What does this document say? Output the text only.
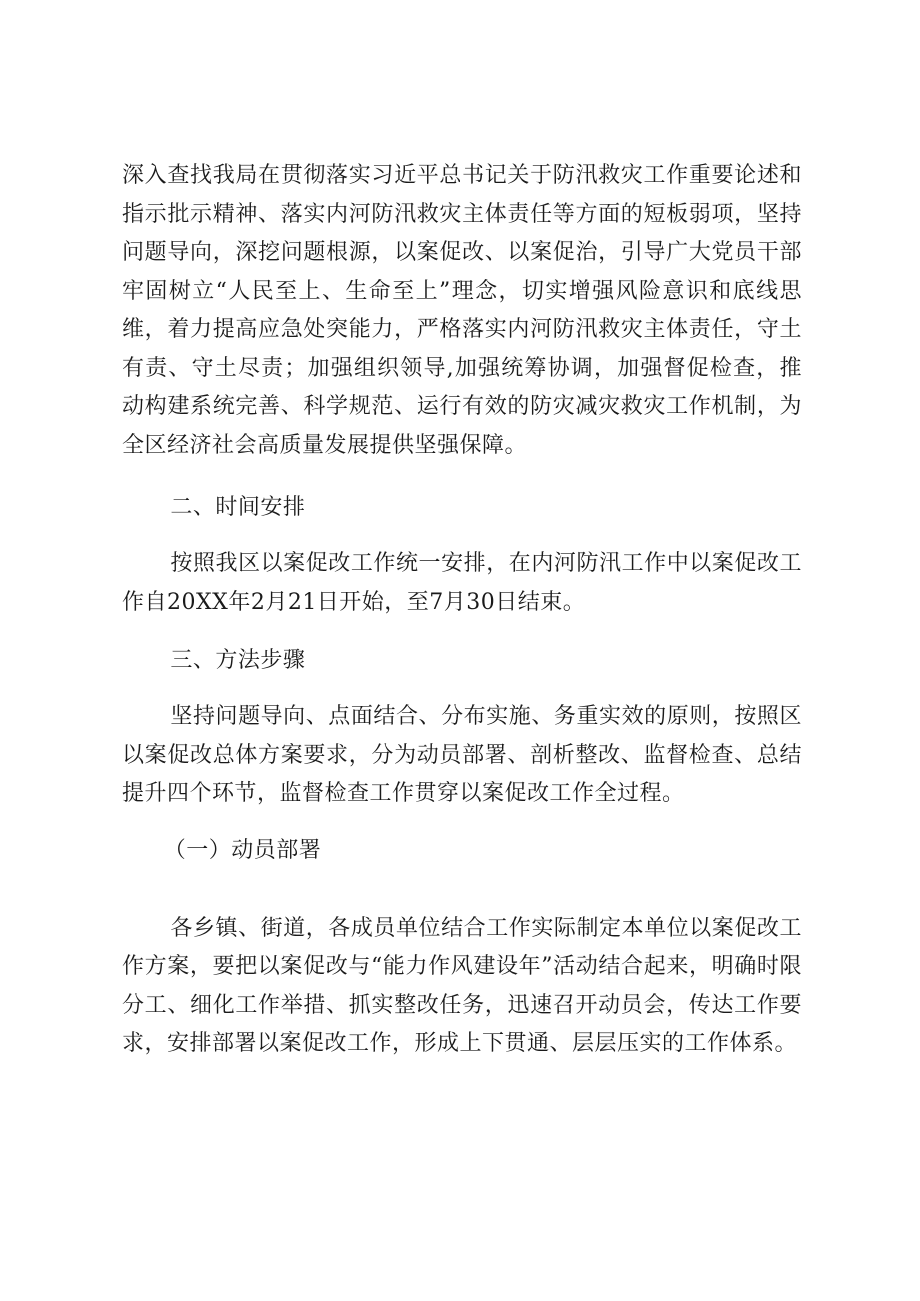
深入查找我局在贯彻落实习近平总书记关于防汛救灾工作重要论述和指示批示精神、落实内河防汛救灾主体责任等方面的短板弱项，坚持问题导向，深挖问题根源，以案促改、以案促治，引导广大党员干部牢固树立“人民至上、生命至上”理念，切实增强风险意识和底线思维，着力提高应急处突能力，严格落实内河防汛救灾主体责任，守土有责、守土尽责；加强组织领导,加强统筹协调，加强督促检查，推动构建系统完善、科学规范、运行有效的防灾减灾救灾工作机制，为全区经济社会高质量发展提供坚强保障。

二、时间安排

按照我区以案促改工作统一安排，在内河防汛工作中以案促改工作自20XX年2月21日开始，至7月30日结束。

三、方法步骤

坚持问题导向、点面结合、分布实施、务重实效的原则，按照区以案促改总体方案要求，分为动员部署、剖析整改、监督检查、总结提升四个环节，监督检查工作贯穿以案促改工作全过程。

（一）动员部署

各乡镇、街道，各成员单位结合工作实际制定本单位以案促改工作方案，要把以案促改与“能力作风建设年”活动结合起来，明确时限分工、细化工作举措、抓实整改任务，迅速召开动员会，传达工作要求，安排部署以案促改工作，形成上下贯通、层层压实的工作体系。
